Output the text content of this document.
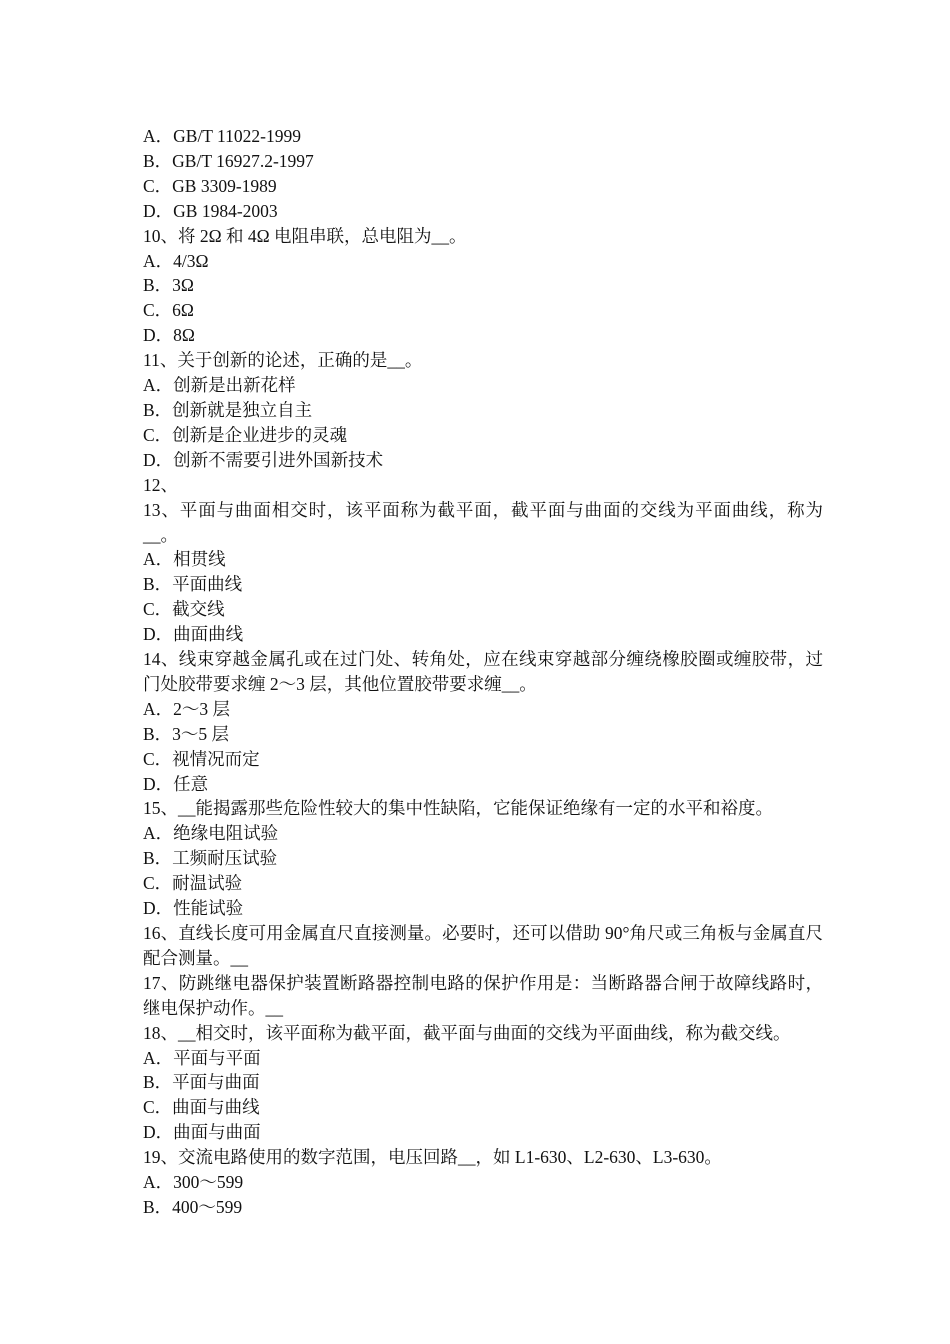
A．GB/T 11022-1999
B．GB/T 16927.2-1997
C．GB 3309-1989
D．GB 1984-2003
10、将 2Ω 和 4Ω 电阻串联，总电阻为__。
A．4/3Ω
B．3Ω
C．6Ω
D．8Ω
11、关于创新的论述，正确的是__。
A．创新是出新花样
B．创新就是独立自主
C．创新是企业进步的灵魂
D．创新不需要引进外国新技术
12、
13、平面与曲面相交时，该平面称为截平面，截平面与曲面的交线为平面曲线，称为__。
A．相贯线
B．平面曲线
C．截交线
D．曲面曲线
14、线束穿越金属孔或在过门处、转角处，应在线束穿越部分缠绕橡胶圈或缠胶带，过门处胶带要求缠 2～3 层，其他位置胶带要求缠__。
A．2～3 层
B．3～5 层
C．视情况而定
D．任意
15、__能揭露那些危险性较大的集中性缺陷，它能保证绝缘有一定的水平和裕度。
A．绝缘电阻试验
B．工频耐压试验
C．耐温试验
D．性能试验
16、直线长度可用金属直尺直接测量。必要时，还可以借助 90°角尺或三角板与金属直尺配合测量。__
17、防跳继电器保护装置断路器控制电路的保护作用是：当断路器合闸于故障线路时，继电保护动作。__
18、__相交时，该平面称为截平面，截平面与曲面的交线为平面曲线，称为截交线。
A．平面与平面
B．平面与曲面
C．曲面与曲线
D．曲面与曲面
19、交流电路使用的数字范围，电压回路__，如 L1-630、L2-630、L3-630。
A．300～599
B．400～599
